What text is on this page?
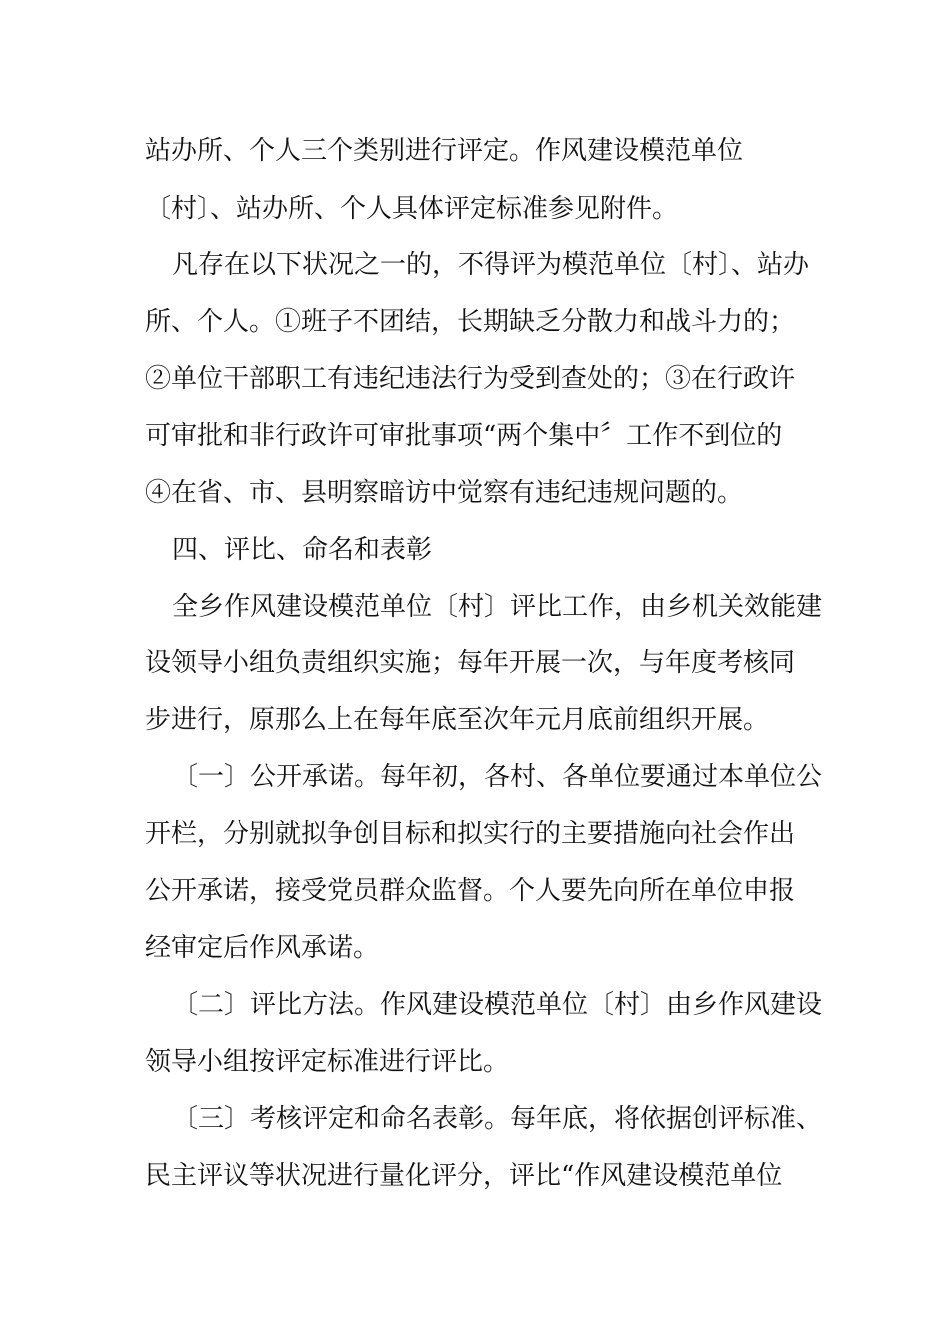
站办所、个人三个类别进行评定。作风建设模范单位
〔村〕、站办所、个人具体评定标准参见附件。
凡存在以下状况之一的，不得评为模范单位〔村〕、站办
所、个人。①班子不团结，长期缺乏分散力和战斗力的；
②单位干部职工有违纪违法行为受到查处的；③在行政许
可审批和非行政许可审批事项“两个集中〞工作不到位的
④在省、市、县明察暗访中觉察有违纪违规问题的。
四、评比、命名和表彰
全乡作风建设模范单位〔村〕评比工作，由乡机关效能建
设领导小组负责组织实施；每年开展一次，与年度考核同
步进行，原那么上在每年底至次年元月底前组织开展。
〔一〕公开承诺。每年初，各村、各单位要通过本单位公
开栏，分别就拟争创目标和拟实行的主要措施向社会作出
公开承诺，接受党员群众监督。个人要先向所在单位申报
经审定后作风承诺。
〔二〕评比方法。作风建设模范单位〔村〕由乡作风建设
领导小组按评定标准进行评比。
〔三〕考核评定和命名表彰。每年底，将依据创评标准、
民主评议等状况进行量化评分，评比“作风建设模范单位
